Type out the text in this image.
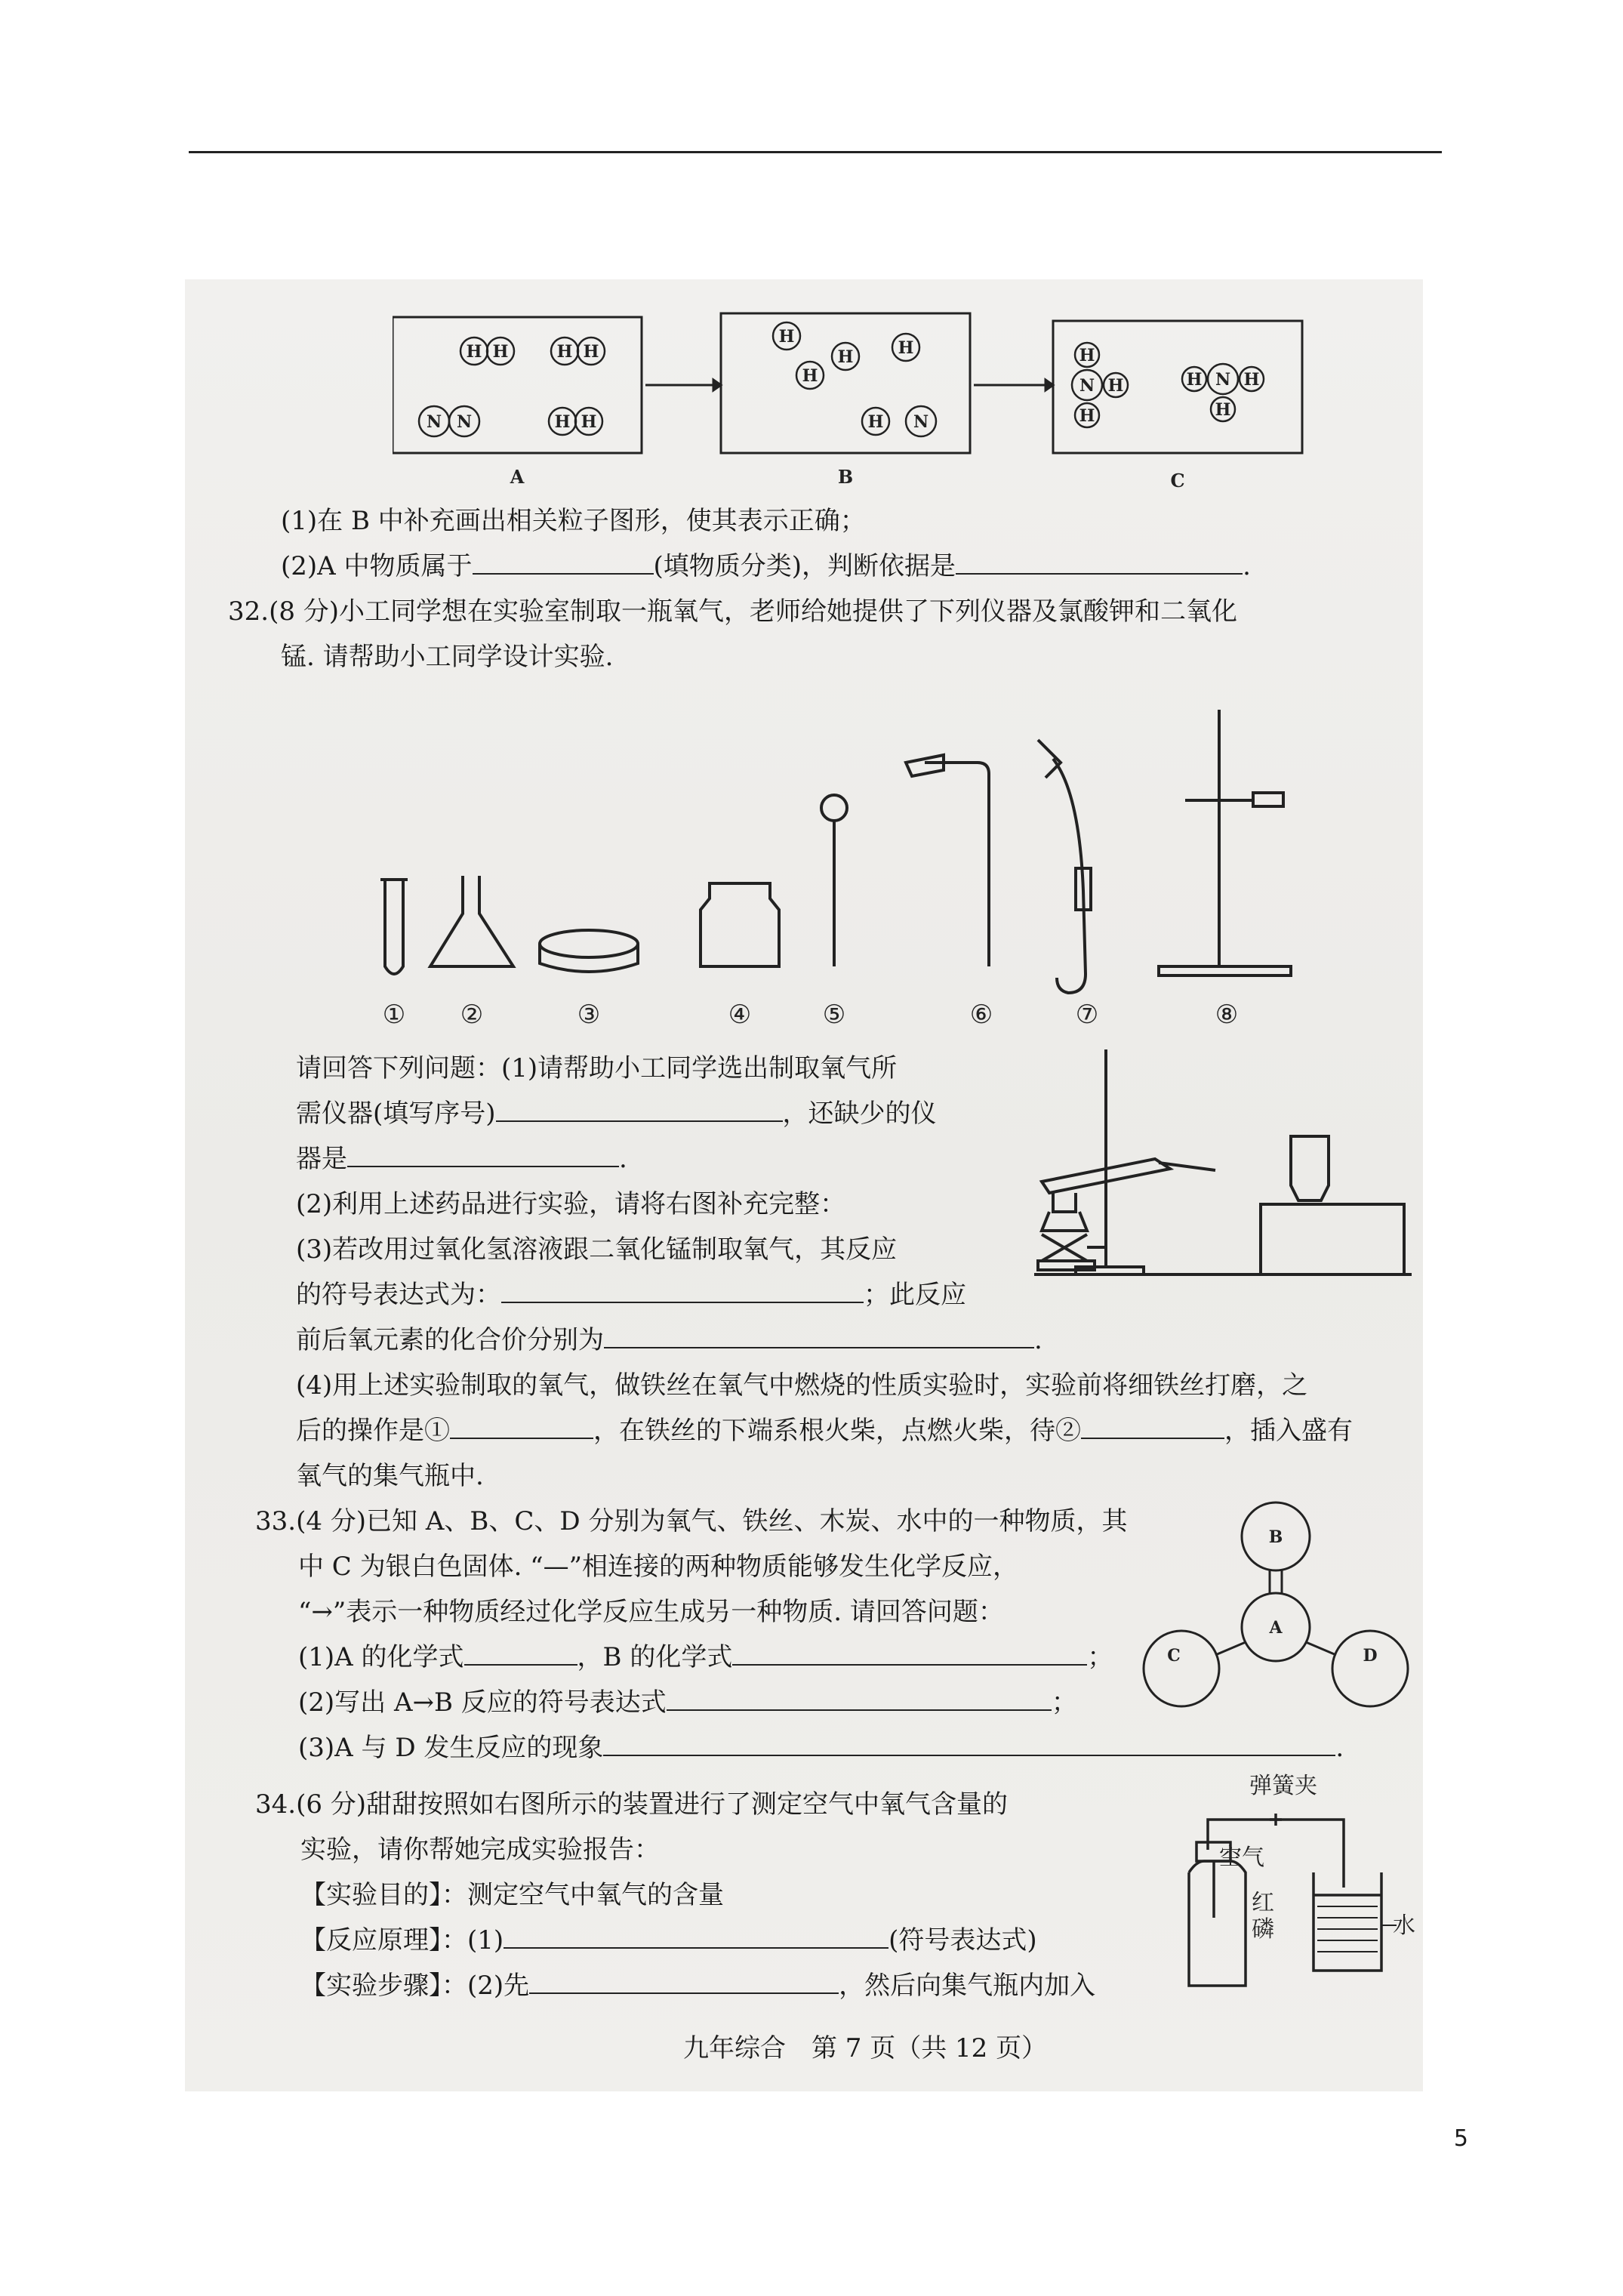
H H	H H
N N	H H
H
H	H
H
H N
H
N H
H
H N H
H
A	B	C
(1)在 B 中补充画出相关粒子图形，使其表示正确；
(2)A 中物质属于	(填物质分类)，判断依据是	.
32.(8 分)小工同学想在实验室制取一瓶氧气，老师给她提供了下列仪器及氯酸钾和二氧化
锰. 请帮助小工同学设计实验.
① ②	③	④	⑤	⑥	⑦	⑧
请回答下列问题：(1)请帮助小工同学选出制取氧气所
需仪器(填写序号)	，还缺少的仪
器是	.
(2)利用上述药品进行实验，请将右图补充完整：
(3)若改用过氧化氢溶液跟二氧化锰制取氧气，其反应
的符号表达式为：	；此反应
前后氧元素的化合价分别为	.
(4)用上述实验制取的氧气，做铁丝在氧气中燃烧的性质实验时，实验前将细铁丝打磨，之
后的操作是①	，在铁丝的下端系根火柴，点燃火柴，待②	，插入盛有
氧气的集气瓶中.
33.(4 分)已知 A、B、C、D 分别为氧气、铁丝、木炭、水中的一种物质，其
中 C 为银白色固体. “—”相连接的两种物质能够发生化学反应，
“→”表示一种物质经过化学反应生成另一种物质. 请回答问题：
(1)A 的化学式	，B 的化学式	；
(2)写出 A→B 反应的符号表达式	；
(3)A 与 D 发生反应的现象	.
B
A
C	D
34.(6 分)甜甜按照如右图所示的装置进行了测定空气中氧气含量的
实验，请你帮她完成实验报告：
【实验目的】：测定空气中氧气的含量
【反应原理】：(1)	(符号表达式)
【实验步骤】：(2)先	，然后向集气瓶内加入
弹簧夹
空气
红
磷	水
九年综合　第 7 页（共 12 页）
5
